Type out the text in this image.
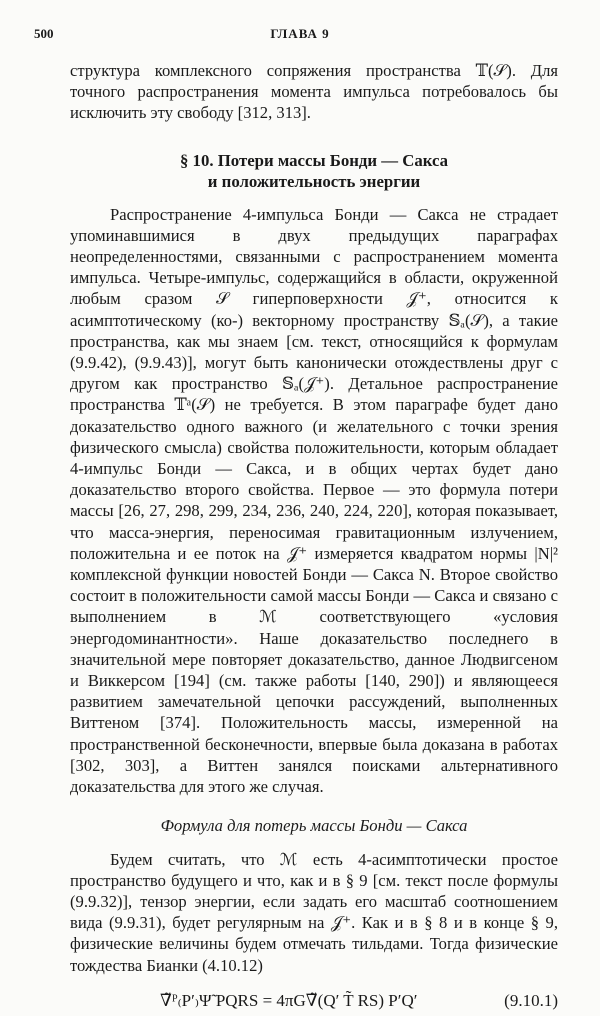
500	ГЛАВА 9

структура комплексного сопряжения пространства 𝕋(𝒮). Для точного распространения момента импульса потребовалось бы исключить эту свободу [312, 313].

§ 10. Потери массы Бонди — Сакса
и положительность энергии

Распространение 4-импульса Бонди — Сакса не страдает упоминавшимися в двух предыдущих параграфах неопределенностями, связанными с распространением момента импульса. Четыре-импульс, содержащийся в области, окруженной любым сразом 𝒮 гиперповерхности 𝒥⁺, относится к асимптотическому (ко-) векторному пространству 𝕊ₐ(𝒮), а такие пространства, как мы знаем [см. текст, относящийся к формулам (9.9.42), (9.9.43)], могут быть канонически отождествлены друг с другом как пространство 𝕊ₐ(𝒥⁺). Детальное распространение пространства 𝕋ᵃ(𝒮) не требуется. В этом параграфе будет дано доказательство одного важного (и желательного с точки зрения физического смысла) свойства положительности, которым обладает 4-импульс Бонди — Сакса, и в общих чертах будет дано доказательство второго свойства. Первое — это формула потери массы [26, 27, 298, 299, 234, 236, 240, 224, 220], которая показывает, что масса-энергия, переносимая гравитационным излучением, положительна и ее поток на 𝒥⁺ измеряется квадратом нормы |N|² комплексной функции новостей Бонди — Сакса N. Второе свойство состоит в положительности самой массы Бонди — Сакса и связано с выполнением в ℳ соответствующего «условия энергодоминантности». Наше доказательство последнего в значительной мере повторяет доказательство, данное Людвигсеном и Виккерсом [194] (см. также работы [140, 290]) и являющееся развитием замечательной цепочки рассуждений, выполненных Виттеном [374]. Положительность массы, измеренной на пространственной бесконечности, впервые была доказана в работах [302, 303], а Виттен занялся поисками альтернативного доказательства для этого же случая.

Формула для потерь массы Бонди — Сакса

Будем считать, что ℳ есть 4-асимптотически простое пространство будущего и что, как и в § 9 [см. текст после формулы (9.9.32)], тензор энергии, если задать его масштаб соотношением вида (9.9.31), будет регулярным на 𝒥⁺. Как и в § 8 и в конце § 9, физические величины будем отмечать тильдами. Тогда физические тождества Бианки (4.10.12)

∇̃ᴾ₍P′₎Ψ̃ PQRS = 4πG∇̃(Q′ T̃ RS) P′Q′	(9.10.1)
